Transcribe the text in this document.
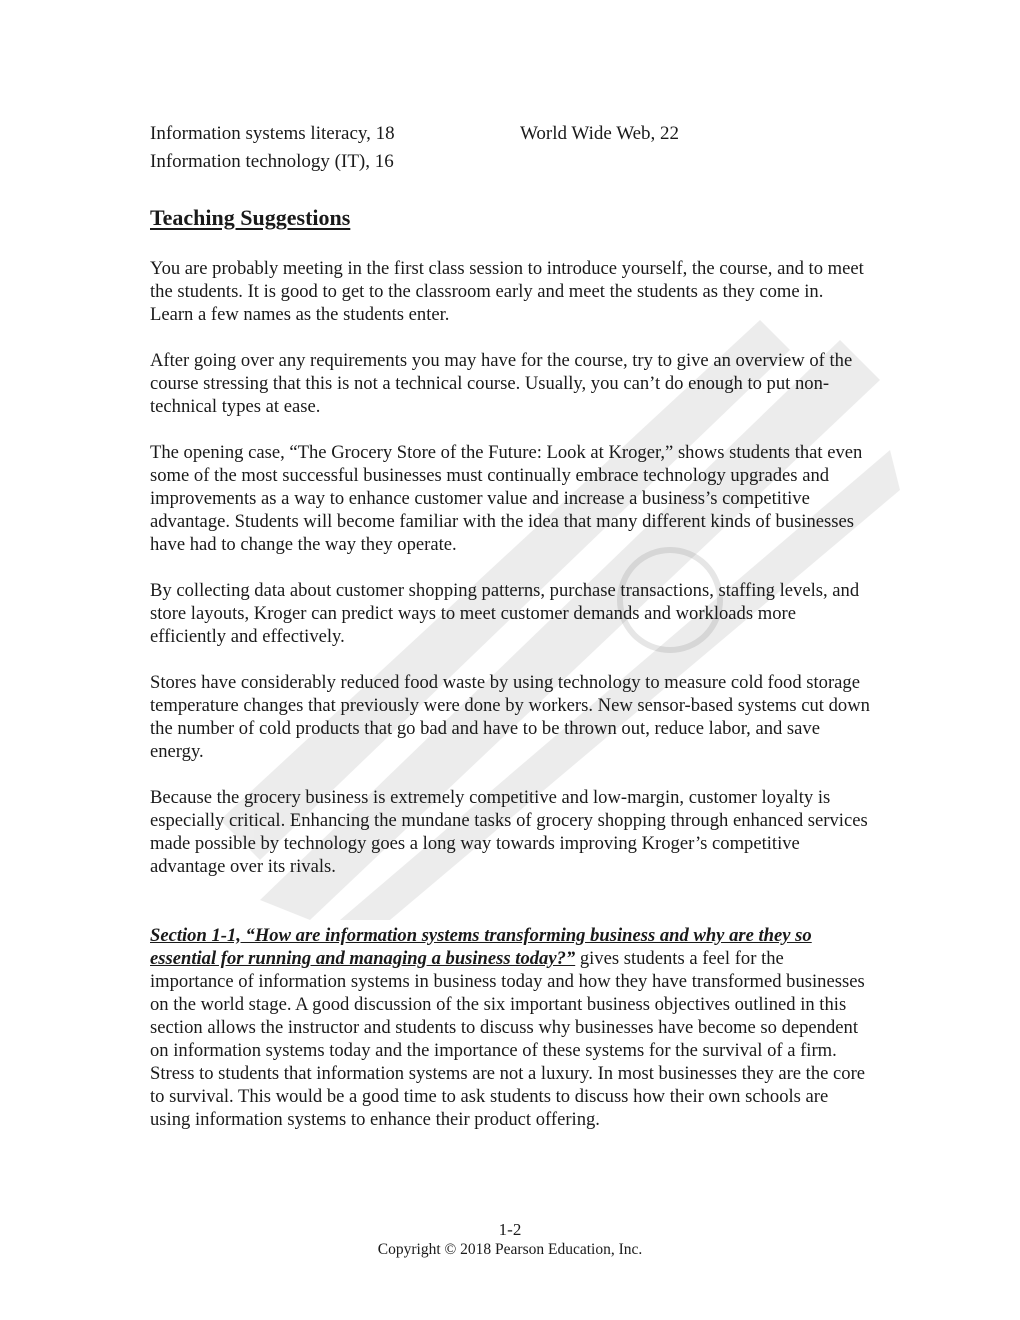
Information systems literacy, 18
Information technology (IT), 16
World Wide Web, 22
Teaching Suggestions

You are probably meeting in the first class session to introduce yourself, the course, and to meet the students. It is good to get to the classroom early and meet the students as they come in. Learn a few names as the students enter.

After going over any requirements you may have for the course, try to give an overview of the course stressing that this is not a technical course. Usually, you can’t do enough to put non-technical types at ease.

The opening case, “The Grocery Store of the Future: Look at Kroger,” shows students that even some of the most successful businesses must continually embrace technology upgrades and improvements as a way to enhance customer value and increase a business’s competitive advantage. Students will become familiar with the idea that many different kinds of businesses have had to change the way they operate.

By collecting data about customer shopping patterns, purchase transactions, staffing levels, and store layouts, Kroger can predict ways to meet customer demands and workloads more efficiently and effectively.

Stores have considerably reduced food waste by using technology to measure cold food storage temperature changes that previously were done by workers. New sensor-based systems cut down the number of cold products that go bad and have to be thrown out, reduce labor, and save energy.

Because the grocery business is extremely competitive and low-margin, customer loyalty is especially critical. Enhancing the mundane tasks of grocery shopping through enhanced services made possible by technology goes a long way towards improving Kroger’s competitive advantage over its rivals.

Section 1-1, “How are information systems transforming business and why are they so essential for running and managing a business today?” gives students a feel for the importance of information systems in business today and how they have transformed businesses on the world stage. A good discussion of the six important business objectives outlined in this section allows the instructor and students to discuss why businesses have become so dependent on information systems today and the importance of these systems for the survival of a firm. Stress to students that information systems are not a luxury. In most businesses they are the core to survival. This would be a good time to ask students to discuss how their own schools are using information systems to enhance their product offering.

1-2
Copyright © 2018 Pearson Education, Inc.
